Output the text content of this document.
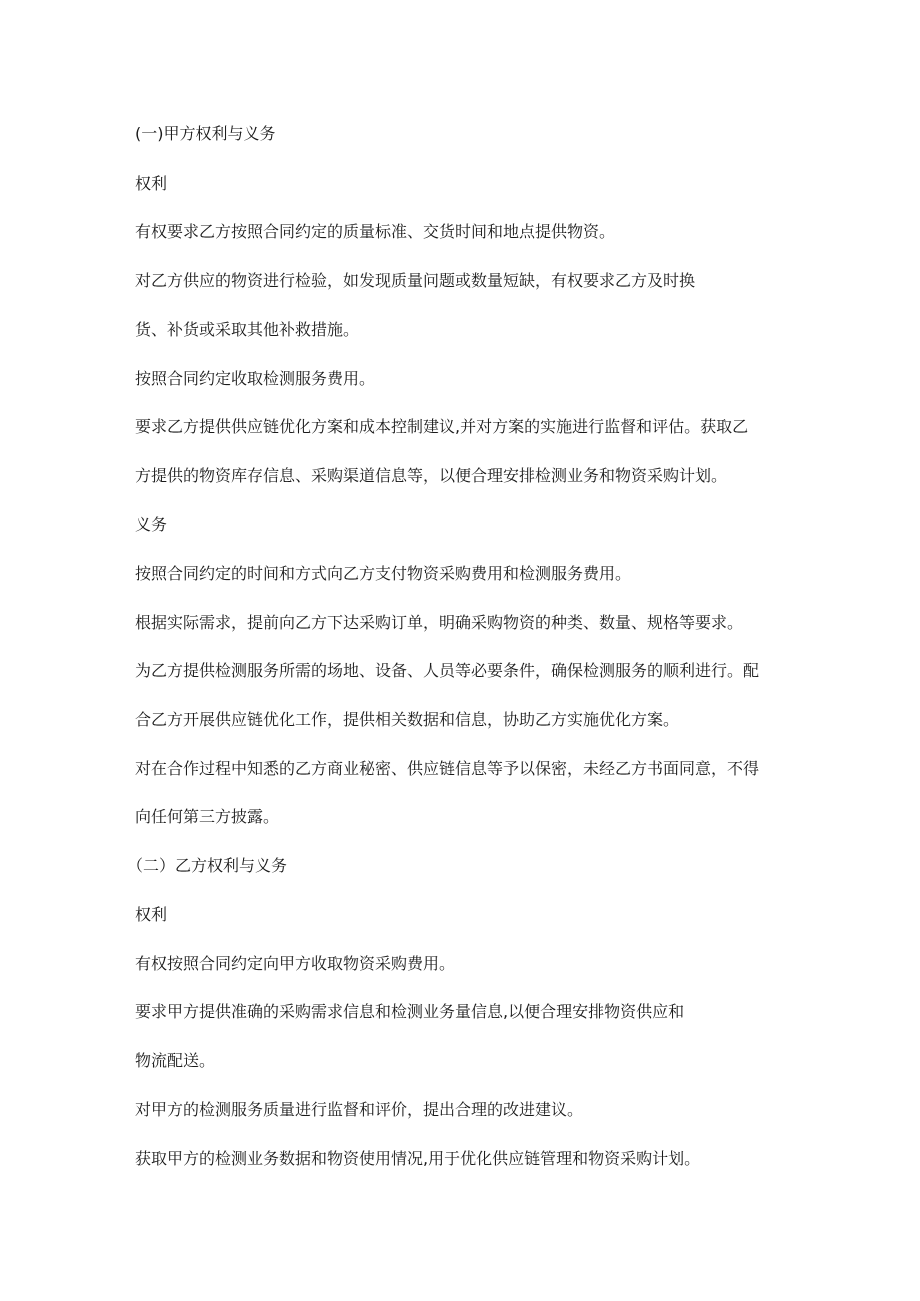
(一)甲方权利与义务
权利
有权要求乙方按照合同约定的质量标准、交货时间和地点提供物资。
对乙方供应的物资进行检验，如发现质量问题或数量短缺，有权要求乙方及时换
货、补货或采取其他补救措施。
按照合同约定收取检测服务费用。
要求乙方提供供应链优化方案和成本控制建议,并对方案的实施进行监督和评估。获取乙
方提供的物资库存信息、采购渠道信息等，以便合理安排检测业务和物资采购计划。
义务
按照合同约定的时间和方式向乙方支付物资采购费用和检测服务费用。
根据实际需求，提前向乙方下达采购订单，明确采购物资的种类、数量、规格等要求。
为乙方提供检测服务所需的场地、设备、人员等必要条件，确保检测服务的顺利进行。配
合乙方开展供应链优化工作，提供相关数据和信息，协助乙方实施优化方案。
对在合作过程中知悉的乙方商业秘密、供应链信息等予以保密，未经乙方书面同意，不得
向任何第三方披露。
（二）乙方权利与义务
权利
有权按照合同约定向甲方收取物资采购费用。
要求甲方提供准确的采购需求信息和检测业务量信息,以便合理安排物资供应和
物流配送。
对甲方的检测服务质量进行监督和评价，提出合理的改进建议。
获取甲方的检测业务数据和物资使用情况,用于优化供应链管理和物资采购计划。
